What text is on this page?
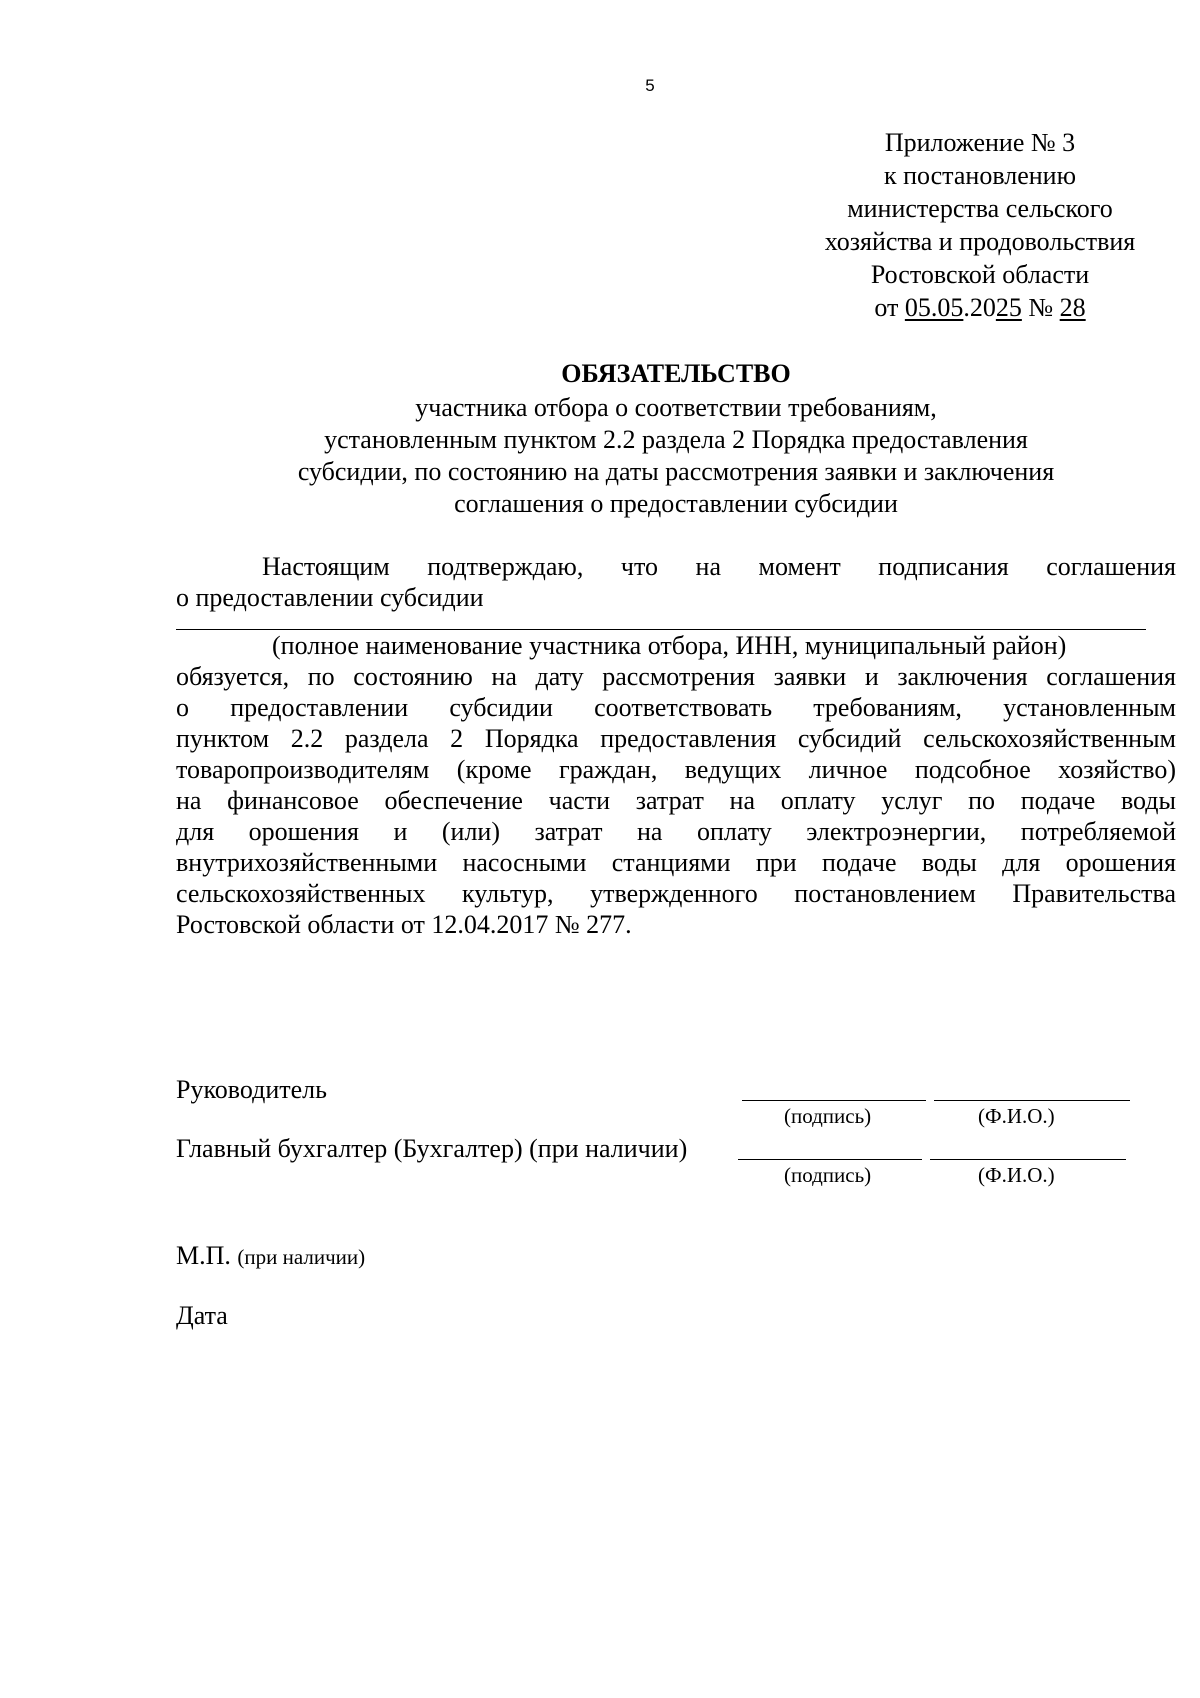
5
Приложение № 3
к постановлению
министерства сельского
хозяйства и продовольствия
Ростовской области
от 05.05.2025 № 28
ОБЯЗАТЕЛЬСТВО
участника отбора о соответствии требованиям,
установленным пунктом 2.2 раздела 2 Порядка предоставления
субсидии, по состоянию на даты рассмотрения заявки и заключения
соглашения о предоставлении субсидии
Настоящим подтверждаю, что на момент подписания соглашения
о предоставлении субсидии
(полное наименование участника отбора, ИНН, муниципальный район)
обязуется, по состоянию на дату рассмотрения заявки и заключения соглашения
о предоставлении субсидии соответствовать требованиям, установленным
пунктом 2.2 раздела 2 Порядка предоставления субсидий сельскохозяйственным
товаропроизводителям (кроме граждан, ведущих личное подсобное хозяйство)
на финансовое обеспечение части затрат на оплату услуг по подаче воды
для орошения и (или) затрат на оплату электроэнергии, потребляемой
внутрихозяйственными насосными станциями при подаче воды для орошения
сельскохозяйственных культур, утвержденного постановлением Правительства
Ростовской области от 12.04.2017 № 277.
Руководитель
(подпись)	(Ф.И.О.)
Главный бухгалтер (Бухгалтер) (при наличии)
(подпись)	(Ф.И.О.)
М.П. (при наличии)
Дата
